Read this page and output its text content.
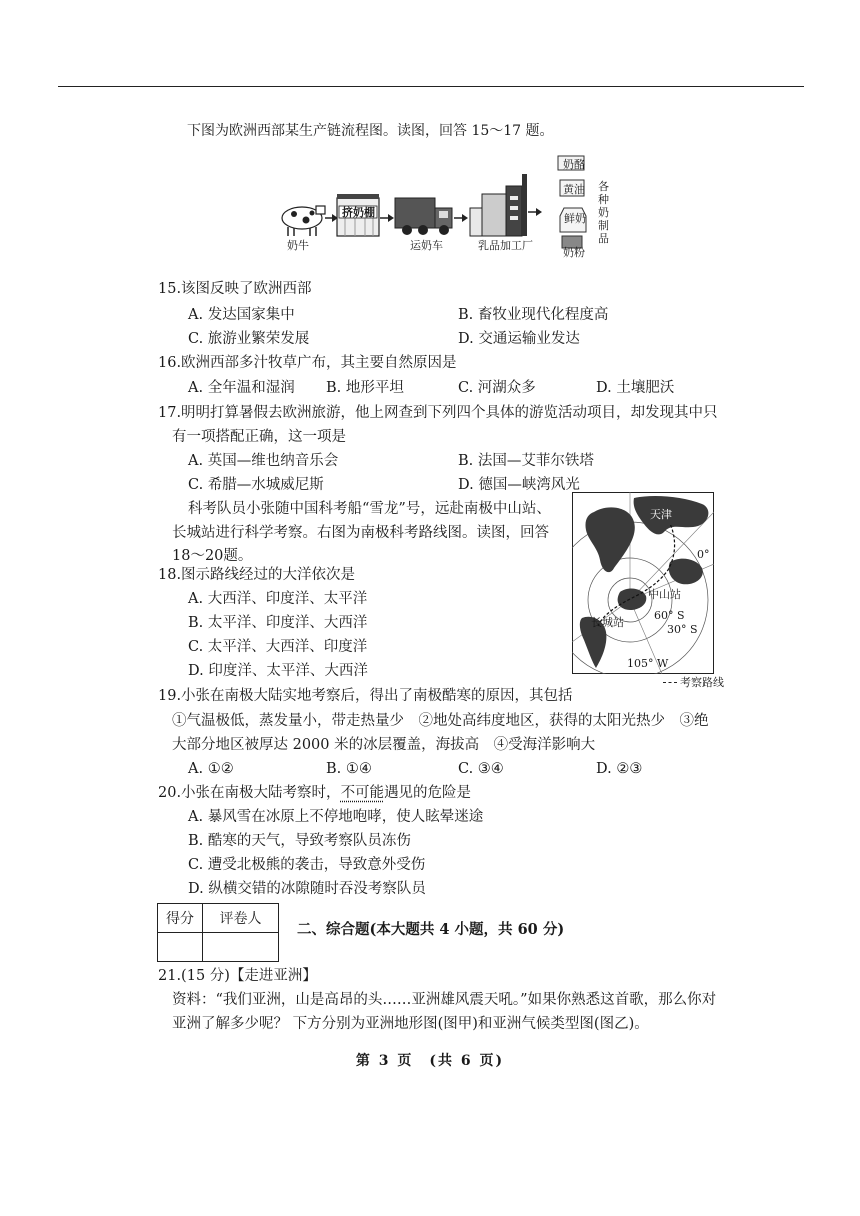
下图为欧洲西部某生产链流程图。读图，回答 15～17 题。
奶牛
挤奶棚
运奶车	乳品加工厂
奶酪
黄油
鲜奶
奶粉
各种奶制品
15.该图反映了欧洲西部
A. 发达国家集中	B. 畜牧业现代化程度高
C. 旅游业繁荣发展	D. 交通运输业发达
16.欧洲西部多汁牧草广布，其主要自然原因是
A. 全年温和湿润 B. 地形平坦	C. 河湖众多	D. 土壤肥沃
17.明明打算暑假去欧洲旅游，他上网查到下列四个具体的游览活动项目，却发现其中只
有一项搭配正确，这一项是
A. 英国—维也纳音乐会	B. 法国—艾菲尔铁塔
C. 希腊—水城威尼斯	D. 德国—峡湾风光
科考队员小张随中国科考船“雪龙”号，远赴南极中山站、
长城站进行科学考察。右图为南极科考路线图。读图，回答
18～20题。
天津
0°
中山站
60° S
长城站
30° S
105° W
考察路线
18.图示路线经过的大洋依次是
A. 大西洋、印度洋、太平洋
B. 太平洋、印度洋、大西洋
C. 太平洋、大西洋、印度洋
D. 印度洋、太平洋、大西洋
19.小张在南极大陆实地考察后，得出了南极酷寒的原因，其包括
①气温极低，蒸发量小，带走热量少　②地处高纬度地区，获得的太阳光热少　③绝
大部分地区被厚达 2000 米的冰层覆盖，海拔高　④受海洋影响大
A. ①②	B. ①④	C. ③④	D. ②③
20.小张在南极大陆考察时，不可能遇见的危险是
A. 暴风雪在冰原上不停地咆哮，使人眩晕迷途
B. 酷寒的天气，导致考察队员冻伤
C. 遭受北极熊的袭击，导致意外受伤
D. 纵横交错的冰隙随时吞没考察队员
得分	评卷人

二、综合题(本大题共 4 小题，共 60 分)
21.(15 分)【走进亚洲】
资料：“我们亚洲，山是高昂的头……亚洲雄风震天吼。”如果你熟悉这首歌，那么你对
亚洲了解多少呢？ 下方分别为亚洲地形图(图甲)和亚洲气候类型图(图乙)。
第 3 页　(共 6 页)
